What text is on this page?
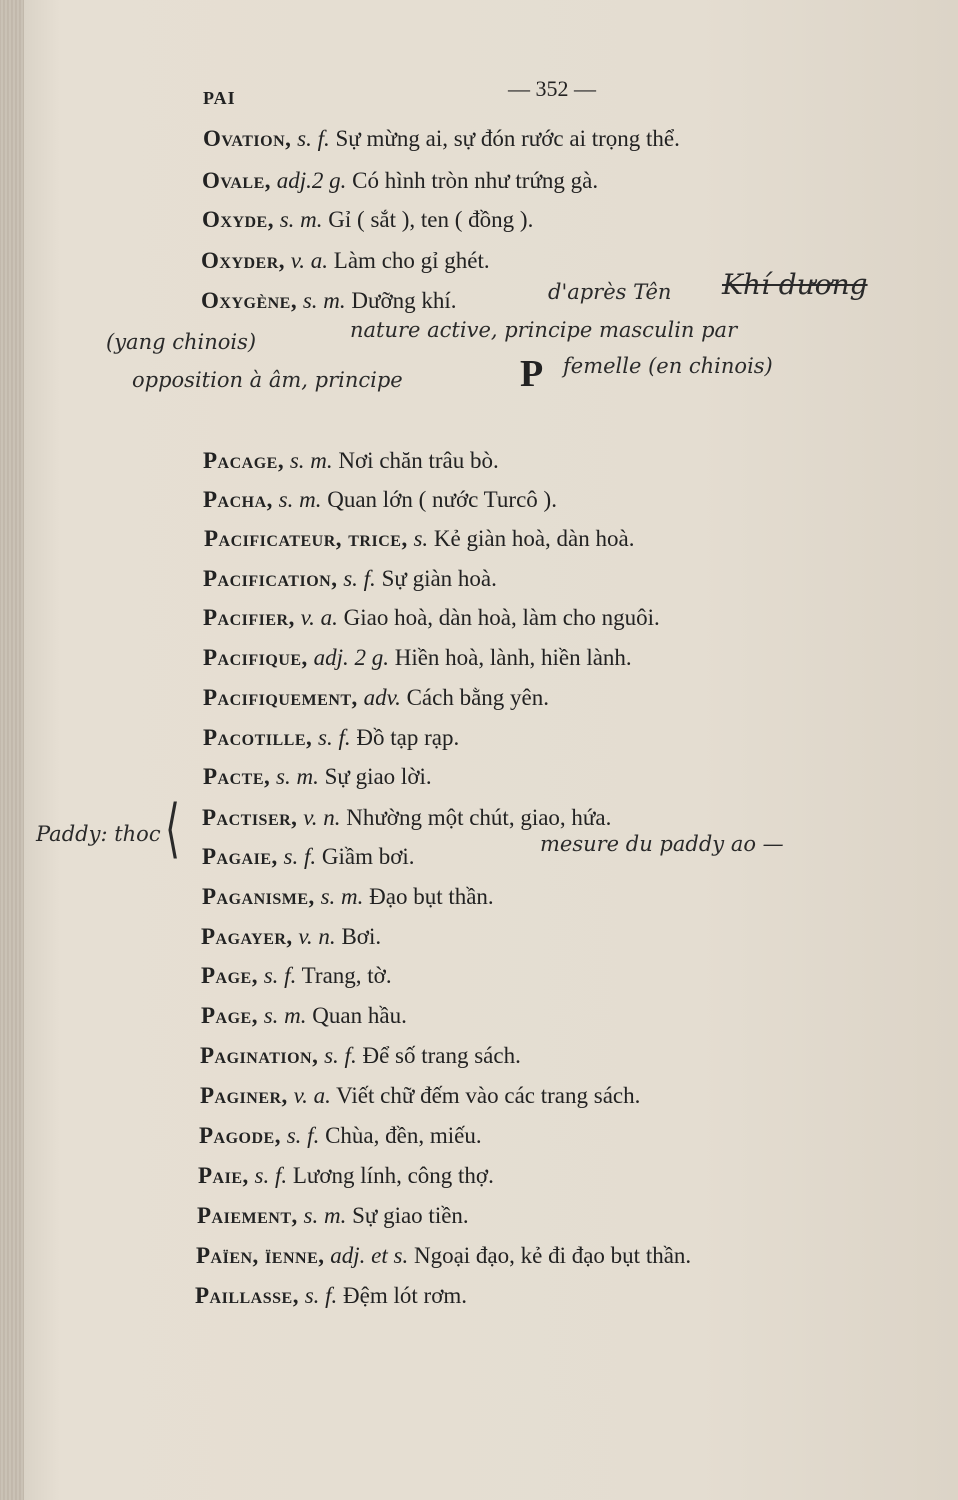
PAI	— 352 —
Ovation, s. f. Sự mừng ai, sự đón rước ai trọng thể.
Ovale, adj.2 g. Có hình tròn như trứng gà.
Oxyde, s. m. Gỉ ( sắt ), ten ( đồng ).
Oxyder, v. a. Làm cho gỉ ghét.
Oxygène, s. m. Dưỡng khí.	d'après Tên Khí dương
(yang chinois)	nature active, principe masculin par
opposition à âm, principe	P femelle (en chinois)
Pacage, s. m. Nơi chăn trâu bò.
Pacha, s. m. Quan lớn ( nước Turcô ).
Pacificateur, trice, s. Kẻ giàn hoà, dàn hoà.
Pacification, s. f. Sự giàn hoà.
Pacifier, v. a. Giao hoà, dàn hoà, làm cho nguôi.
Pacifique, adj. 2 g. Hiền hoà, lành, hiền lành.
Pacifiquement, adv. Cách bằng yên.
Pacotille, s. f. Đồ tạp rạp.
Pacte, s. m. Sự giao lời.
Pactiser, v. n. Nhường một chút, giao, hứa.
Pagaie, s. f. Giầm bơi.
Paganisme, s. m. Đạo bụt thần.
Pagayer, v. n. Bơi.
Page, s. f. Trang, tờ.
Page, s. m. Quan hầu.
Pagination, s. f. Để số trang sách.
Paginer, v. a. Viết chữ đếm vào các trang sách.
Pagode, s. f. Chùa, đền, miếu.
Paie, s. f. Lương lính, công thợ.
Paiement, s. m. Sự giao tiền.
Païen, ïenne, adj. et s. Ngoại đạo, kẻ đi đạo bụt thần.
Paillasse, s. f. Đệm lót rơm.
Paddy: thoc ⟨	mesure du paddy ao —
